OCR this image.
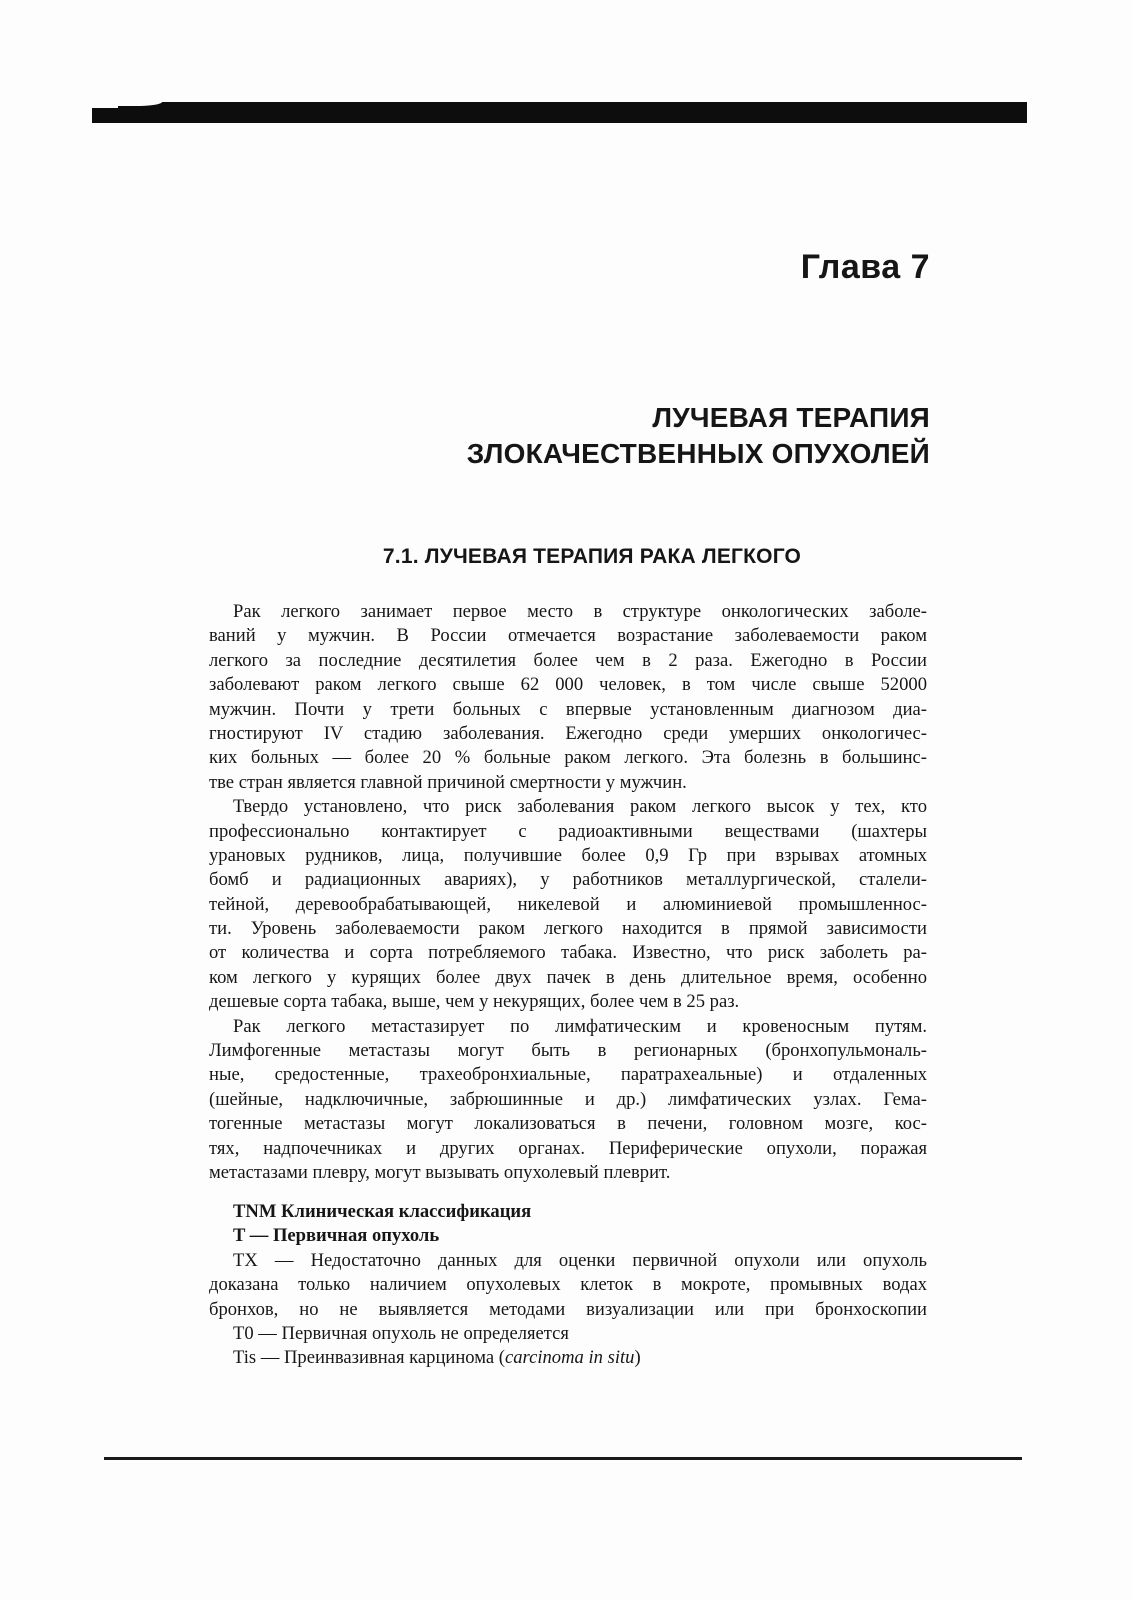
Глава 7
ЛУЧЕВАЯ ТЕРАПИЯ
ЗЛОКАЧЕСТВЕННЫХ ОПУХОЛЕЙ
7.1. ЛУЧЕВАЯ ТЕРАПИЯ РАКА ЛЕГКОГО

Рак легкого занимает первое место в структуре онкологических заболе-
ваний у мужчин. В России отмечается возрастание заболеваемости раком
легкого за последние десятилетия более чем в 2 раза. Ежегодно в России
заболевают раком легкого свыше 62 000 человек, в том числе свыше 52000
мужчин. Почти у трети больных с впервые установленным диагнозом диа-
гностируют IV стадию заболевания. Ежегодно среди умерших онкологичес-
ких больных — более 20 % больные раком легкого. Эта болезнь в большинс-
тве стран является главной причиной смертности у мужчин.

Твердо установлено, что риск заболевания раком легкого высок у тех, кто
профессионально контактирует с радиоактивными веществами (шахтеры
урановых рудников, лица, получившие более 0,9 Гр при взрывах атомных
бомб и радиационных авариях), у работников металлургической, сталели-
тейной, деревообрабатывающей, никелевой и алюминиевой промышленнос-
ти. Уровень заболеваемости раком легкого находится в прямой зависимости
от количества и сорта потребляемого табака. Известно, что риск заболеть ра-
ком легкого у курящих более двух пачек в день длительное время, особенно
дешевые сорта табака, выше, чем у некурящих, более чем в 25 раз.

Рак легкого метастазирует по лимфатическим и кровеносным путям.
Лимфогенные метастазы могут быть в регионарных (бронхопульмональ-
ные, средостенные, трахеобронхиальные, паратрахеальные) и отдаленных
(шейные, надключичные, забрюшинные и др.) лимфатических узлах. Гема-
тогенные метастазы могут локализоваться в печени, головном мозге, кос-
тях, надпочечниках и других органах. Периферические опухоли, поражая
метастазами плевру, могут вызывать опухолевый плеврит.

TNM Клиническая классификация
T — Первичная опухоль

TX — Недостаточно данных для оценки первичной опухоли или опухоль
доказана только наличием опухолевых клеток в мокроте, промывных водах
бронхов, но не выявляется методами визуализации или при бронхоскопии

T0 — Первичная опухоль не определяется

Tis — Преинвазивная карцинома (carcinoma in situ)
